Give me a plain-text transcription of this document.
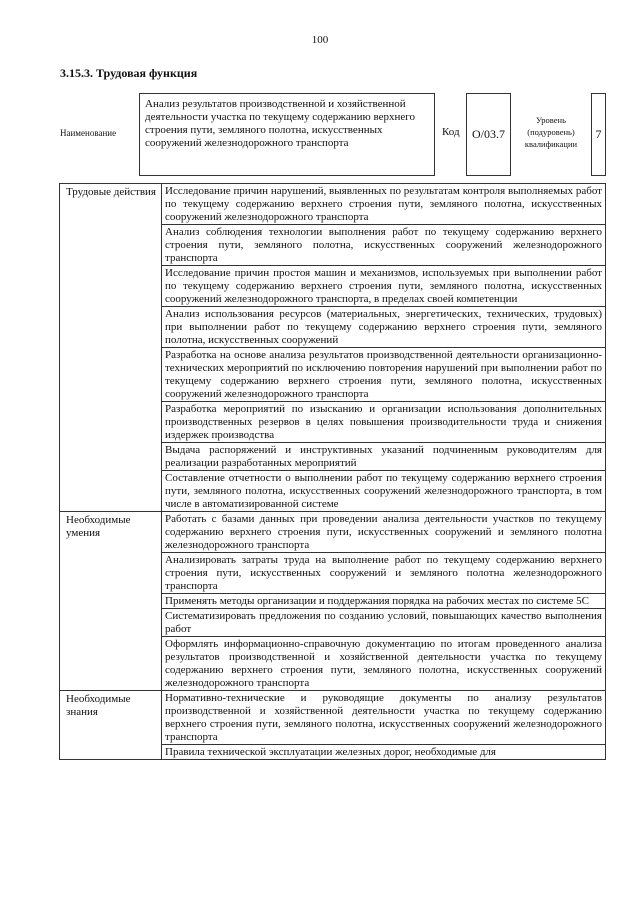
100
3.15.3. Трудовая функция
Наименование
Анализ результатов производственной и хозяйственной деятельности участка по текущему содержанию верхнего строения пути, земляного полотна, искусственных сооружений железнодорожного транспорта
Код	O/03.7
Уровень (подуровень) квалификации
7
Трудовые действия	Исследование причин нарушений, выявленных по результатам контроля выполняемых работ по текущему содержанию верхнего строения пути, земляного полотна, искусственных сооружений железнодорожного транспорта
	Анализ соблюдения технологии выполнения работ по текущему содержанию верхнего строения пути, земляного полотна, искусственных сооружений железнодорожного транспорта
	Исследование причин простоя машин и механизмов, используемых при выполнении работ по текущему содержанию верхнего строения пути, земляного полотна, искусственных сооружений железнодорожного транспорта, в пределах своей компетенции
	Анализ использования ресурсов (материальных, энергетических, технических, трудовых) при выполнении работ по текущему содержанию верхнего строения пути, земляного полотна, искусственных сооружений
	Разработка на основе анализа результатов производственной деятельности организационно-технических мероприятий по исключению повторения нарушений при выполнении работ по текущему содержанию верхнего строения пути, земляного полотна, искусственных сооружений железнодорожного транспорта
	Разработка мероприятий по изысканию и организации использования дополнительных производственных резервов в целях повышения производительности труда и снижения издержек производства
	Выдача распоряжений и инструктивных указаний подчиненным руководителям для реализации разработанных мероприятий
	Составление отчетности о выполнении работ по текущему содержанию верхнего строения пути, земляного полотна, искусственных сооружений железнодорожного транспорта, в том числе в автоматизированной системе
Необходимые умения	Работать с базами данных при проведении анализа деятельности участков по текущему содержанию верхнего строения пути, искусственных сооружений и земляного полотна железнодорожного транспорта
	Анализировать затраты труда на выполнение работ по текущему содержанию верхнего строения пути, искусственных сооружений и земляного полотна железнодорожного транспорта
	Применять методы организации и поддержания порядка на рабочих местах по системе 5С
	Систематизировать предложения по созданию условий, повышающих качество выполнения работ
	Оформлять информационно-справочную документацию по итогам проведенного анализа результатов производственной и хозяйственной деятельности участка по текущему содержанию верхнего строения пути, земляного полотна, искусственных сооружений железнодорожного транспорта
Необходимые знания	Нормативно-технические и руководящие документы по анализу результатов производственной и хозяйственной деятельности участка по текущему содержанию верхнего строения пути, земляного полотна, искусственных сооружений железнодорожного транспорта
	Правила технической эксплуатации железных дорог, необходимые для
